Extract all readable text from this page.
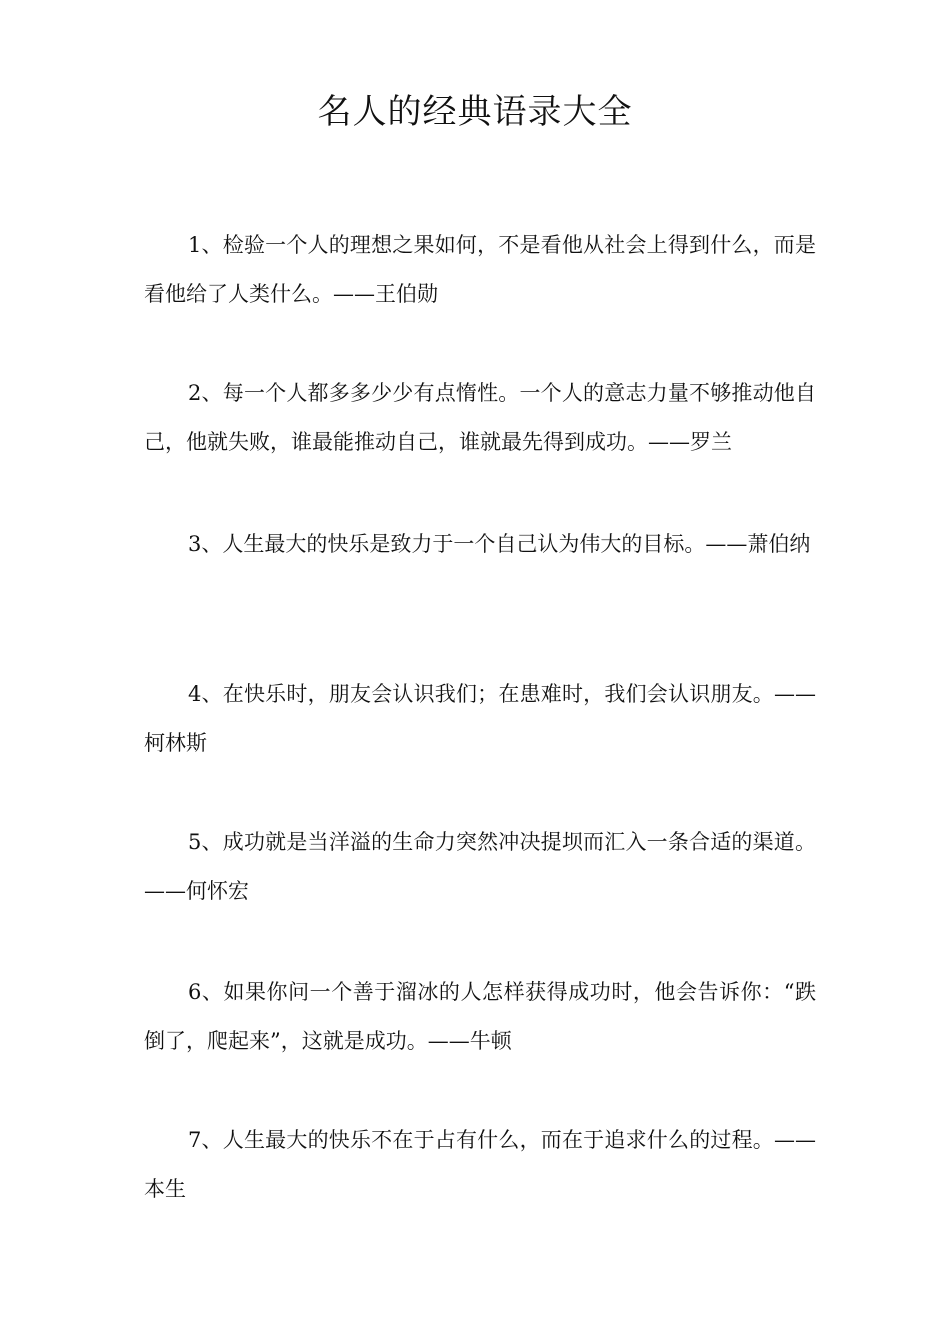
名人的经典语录大全

1、检验一个人的理想之果如何，不是看他从社会上得到什么，而是看他给了人类什么。——王伯勋

2、每一个人都多多少少有点惰性。一个人的意志力量不够推动他自己，他就失败，谁最能推动自己，谁就最先得到成功。——罗兰

3、人生最大的快乐是致力于一个自己认为伟大的目标。——萧伯纳

4、在快乐时，朋友会认识我们；在患难时，我们会认识朋友。——柯林斯

5、成功就是当洋溢的生命力突然冲决提坝而汇入一条合适的渠道。——何怀宏

6、如果你问一个善于溜冰的人怎样获得成功时，他会告诉你：“跌倒了，爬起来”，这就是成功。——牛顿

7、人生最大的快乐不在于占有什么，而在于追求什么的过程。——本生
